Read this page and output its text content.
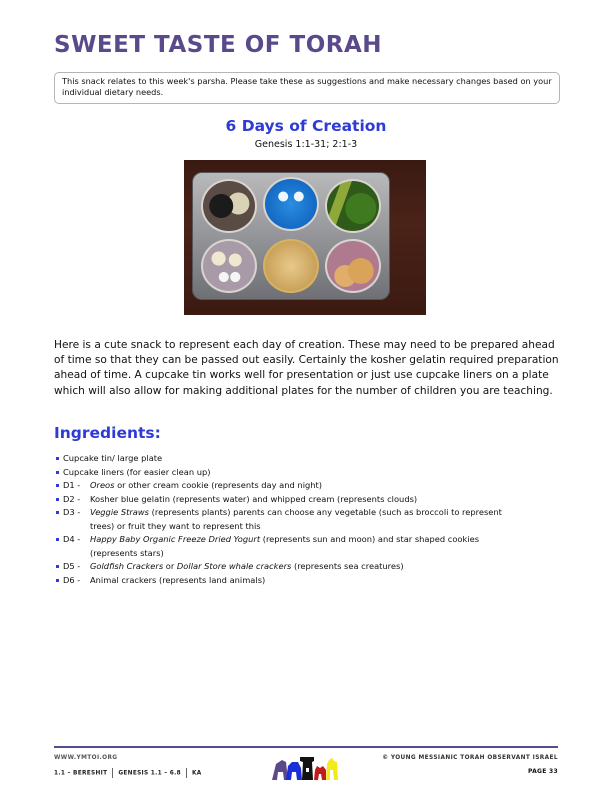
SWEET TASTE OF TORAH
This snack relates to this week's parsha. Please take these as suggestions and make necessary changes based on your individual dietary needs.
6 Days of Creation
Genesis 1:1-31; 2:1-3
Here is a cute snack to represent each day of creation. These may need to be prepared ahead of time so that they can be passed out easily. Certainly the kosher gelatin required preparation ahead of time. A cupcake tin works well for presentation or just use cupcake liners on a plate which will also allow for making additional plates for the number of children you are teaching.
Ingredients:
Cupcake tin/ large plate
Cupcake liners (for easier clean up)
D1 - Oreos or other cream cookie (represents day and night)
D2 - Kosher blue gelatin (represents water) and whipped cream (represents clouds)
D3 - Veggie Straws (represents plants) parents can choose any vegetable (such as broccoli to represent
trees) or fruit they want to represent this
D4 - Happy Baby Organic Freeze Dried Yogurt (represents sun and moon) and star shaped cookies
(represents stars)
D5 - Goldfish Crackers or Dollar Store whale crackers (represents sea creatures)
D6 - Animal crackers (represents land animals)
WWW.YMTOI.ORG
1.1 – BERESHIT GENESIS 1.1 – 6.8 KA
© YOUNG MESSIANIC TORAH OBSERVANT ISRAEL
PAGE 33
